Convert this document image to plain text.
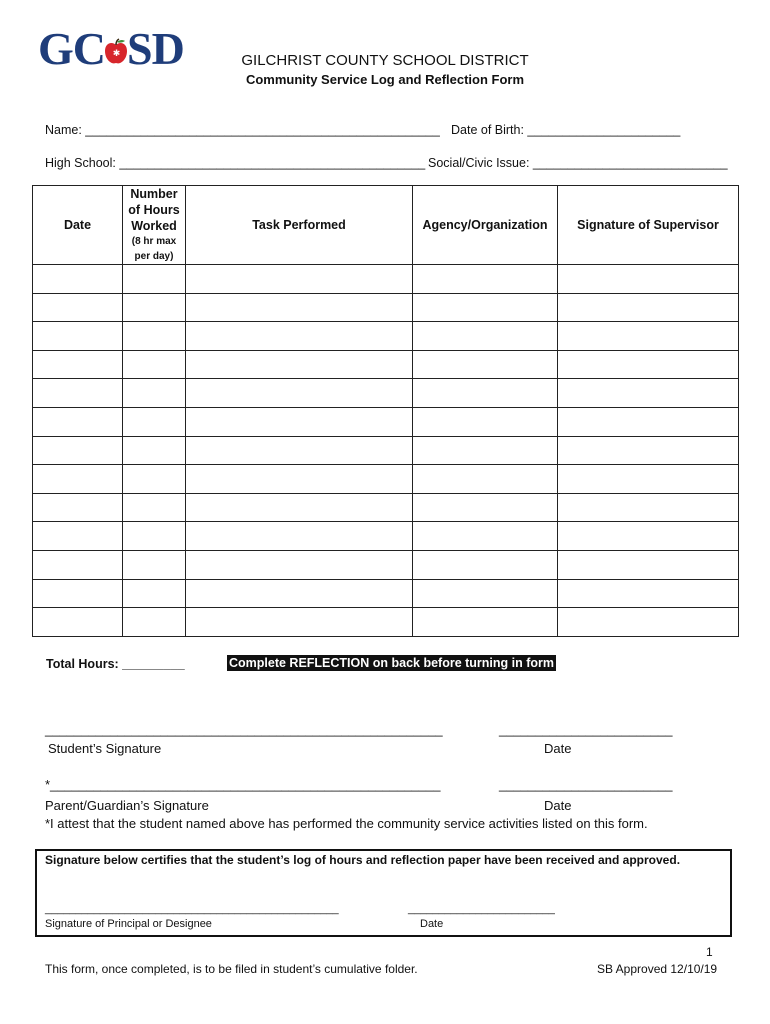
GC ✱ SD	GILCHRIST COUNTY SCHOOL DISTRICT
Community Service Log and Reflection Form
Name: ___________________________________________________ Date of Birth: ______________________
High School: ____________________________________________ Social/Civic Issue: ____________________________
Date	Number
of Hours
Worked
(8 hr max
per day)	Task Performed	Agency/Organization	Signature of Supervisor

Total Hours: _________	Complete REFLECTION on back before turning in form
_______________________________________________________
Student’s Signature
________________________
Date
*______________________________________________________
Parent/Guardian’s Signature
________________________
Date
*I attest that the student named above has performed the community service activities listed on this form.
Signature below certifies that the student’s log of hours and reflection paper have been received and approved.
________________________________________________
Signature of Principal or Designee
________________________
Date
1
This form, once completed, is to be filed in student’s cumulative folder.	SB Approved 12/10/19
